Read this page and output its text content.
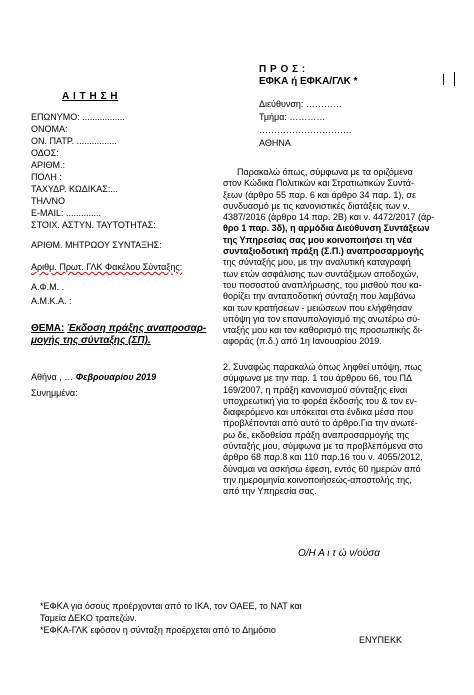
Α Ι Τ Η Σ Η
ΕΠΩΝΥΜΟ: .................
ΟΝΟΜΑ:
ΟΝ. ΠΑΤΡ. ................
ΟΔΟΣ:
ΑΡΙΘΜ.:
ΠΟΛΗ :
ΤΑΧΥΔΡ. ΚΩΔΙΚΑΣ:...
ΤΗΛ/ΝΟ
E-MAIL: ..............
ΣΤΟΙΧ. ΑΣΤΥΝ. ΤΑΥΤΟΤΗΤΑΣ:
ΑΡΙΘΜ. ΜΗΤΡΩΟΥ ΣΥΝΤΑΞΗΣ:
Αριθμ. Πρωτ. ΓΛΚ Φακέλου Σύνταξης:
Α.Φ.Μ. .
Α.Μ.Κ.Α. :
ΘΕΜΑ: Έκδοση πράξης αναπροσαρ-
μογής της σύνταξης (ΣΠ).
Αθήνα , … Φεβρουαρίου 2019
Συνημμένα:
Π Ρ Ο Σ :
ΕΦΚΑ ή ΕΦΚΑ/ΓΛΚ *
Διεύθυνση: …………
Τμήμα: …………
………………………….
ΑΘΗΝΑ
Παρακαλώ όπως, σύμφωνα με τα οριζόμενα
στον Κώδικα Πολιτικών και Στρατιωτικών Συντά-
ξεων (άρθρο 55 παρ. 6 και άρθρο 34 παρ. 1), σε
συνδυασμό με τις κανονιστικές διατάξεις των ν.
4387/2016 (άρθρο 14 παρ. 2Β) και ν. 4472/2017 (άρ-
θρο 1 παρ. 3δ), η αρμόδια Διεύθυνση Συντάξεων
της Υπηρεσίας σας μου κοινοποιήσει τη νέα
συνταξιοδοτική πράξη (Σ.Π.) αναπροσαρμογής
της σύνταξής μου, με την αναλυτική καταγραφή
των ετών ασφάλισης των συντάξιμων αποδοχών,
του ποσοστού αναπλήρωσης, του μισθού που κα-
θορίζει την ανταποδοτική σύνταξη που λαμβάνω
και των κρατήσεων - μειώσεων που ελήφθησαν
υπόψη για τον επανυπολογισμό της ανωτέρω σύ-
νταξής μου και τον καθορισμό της προσωπικής δι-
αφοράς (π.δ.) από 1η Ιανουαρίου 2019.
2. Συναφώς παρακαλώ όπως ληφθεί υπόψη, πως
σύμφωνα με την παρ. 1 του άρθρου 66, του ΠΔ
169/2007, η πράξη κανονισμού σύνταξης είναι
υποχρεωτική για το φορέα έκδοσής του & τον εν-
διαφερόμενο και υπόκειται στα ένδικα μέσα που
προβλέπονται από αυτό το άρθρο.Για την ανωτέ-
ρω δε, εκδοθείσα πράξη αναπροσαρμογής της
σύνταξής μου, σύμφωνα με τα προβλεπόμενα στο
άρθρο 68 παρ.8 και 110 παρ.16 του ν. 4055/2012,
δύναμαι να ασκήσω έφεση, εντός 60 ημερών από
την ημερομηνία κοινοποιήσεώς-αποστολής της,
από την Υπηρεσία σας.
Ο/Η Α ι τ ώ ν/ούσα
*ΕΦΚΑ για όσους προέρχονται από το ΙΚΑ, τον ΟΑΕΕ, το ΝΑΤ και
Ταμεία ΔΕΚΟ τραπεζών.
*ΕΦΚΑ-ΓΛΚ εφόσον η σύνταξη προέρχεται από το Δημόσιο
ΕΝΥΠΕΚΚ
